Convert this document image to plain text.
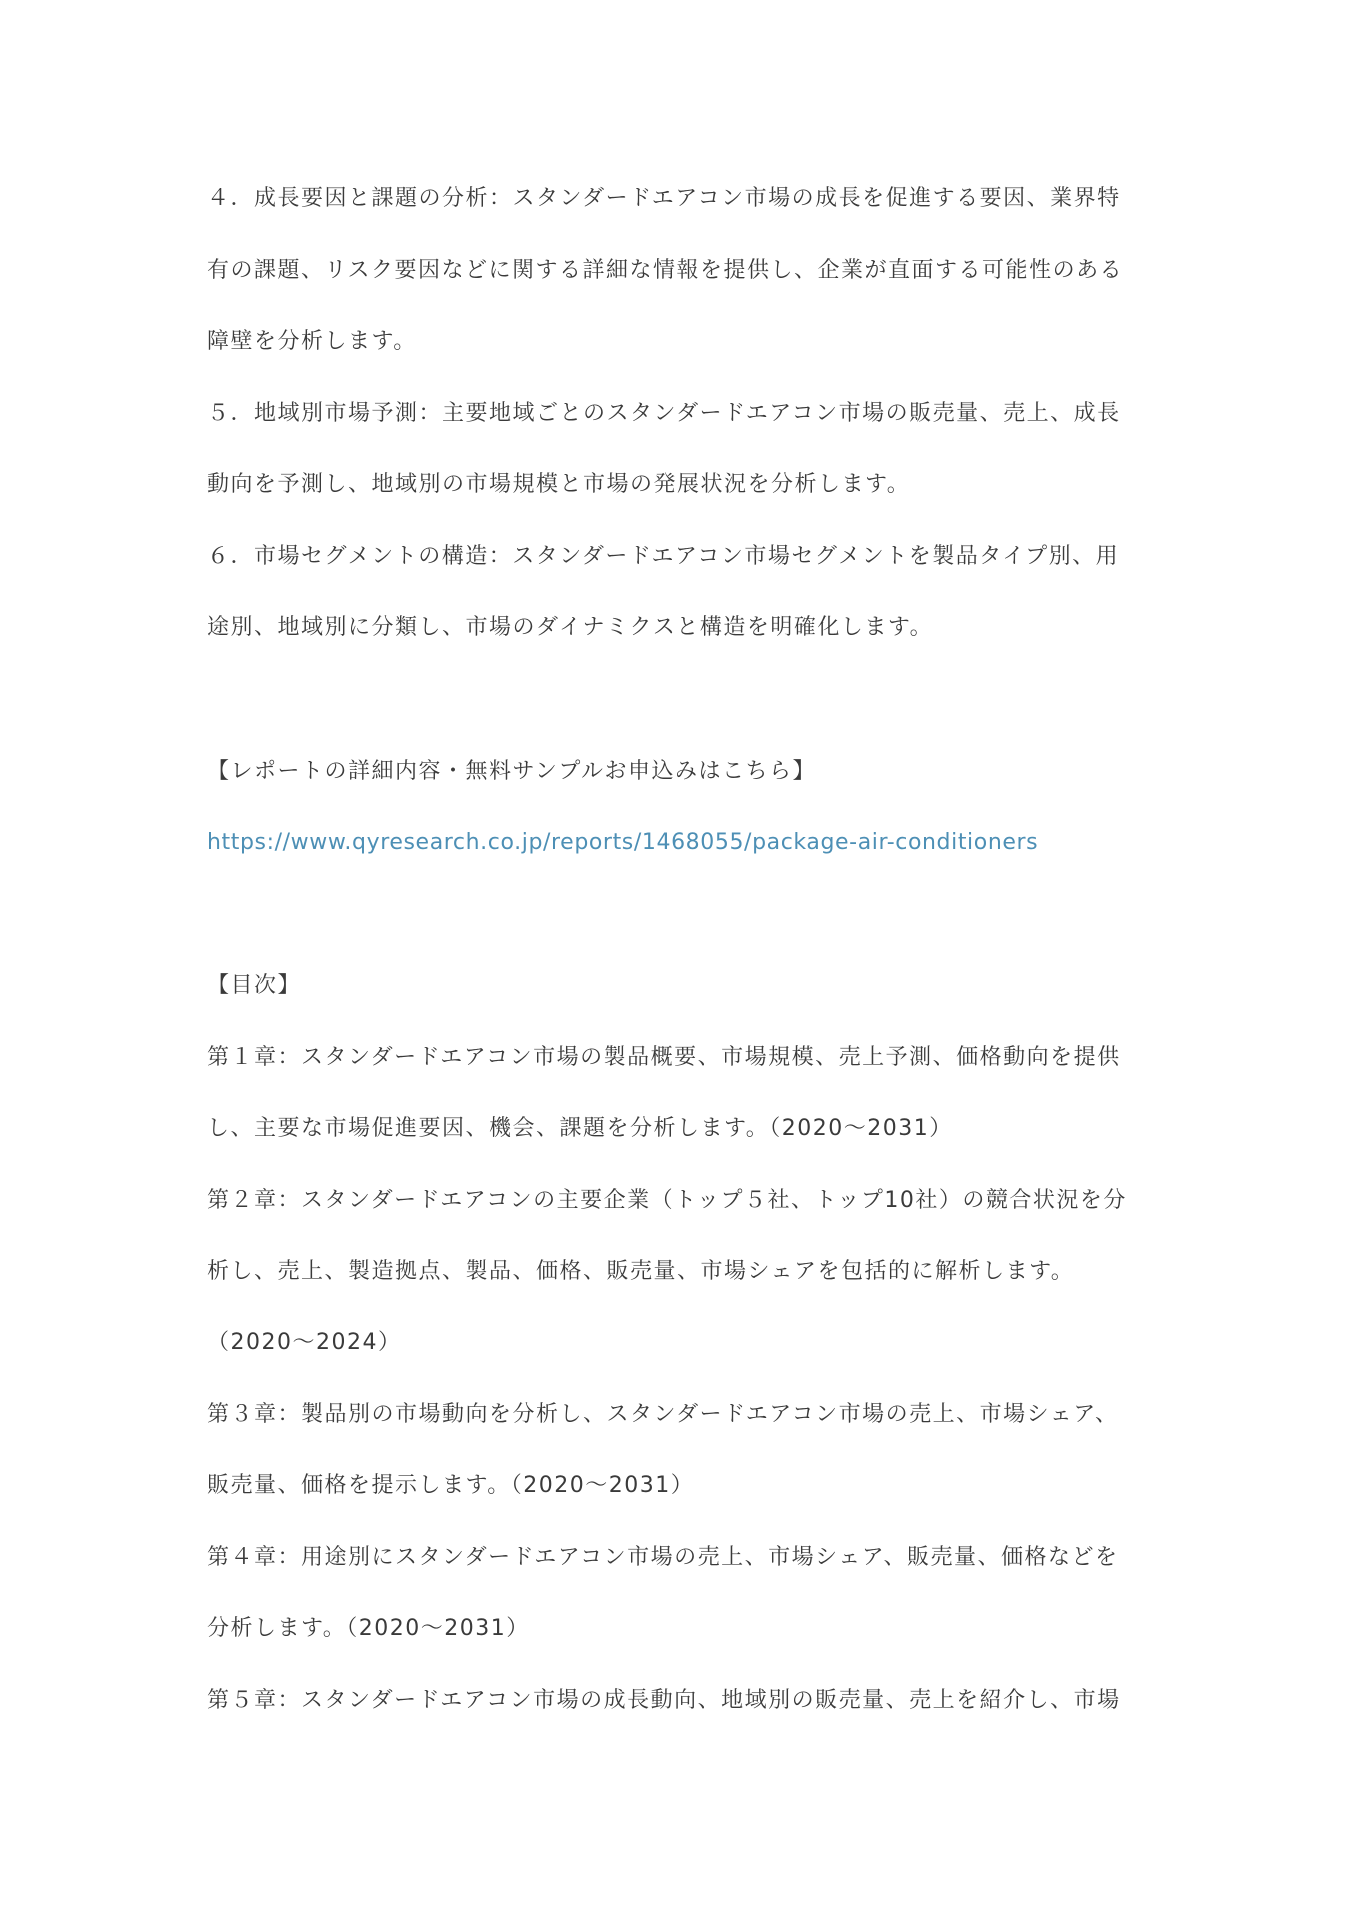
４．成長要因と課題の分析：スタンダードエアコン市場の成長を促進する要因、業界特
有の課題、リスク要因などに関する詳細な情報を提供し、企業が直面する可能性のある
障壁を分析します。
５．地域別市場予測：主要地域ごとのスタンダードエアコン市場の販売量、売上、成長
動向を予測し、地域別の市場規模と市場の発展状況を分析します。
６．市場セグメントの構造：スタンダードエアコン市場セグメントを製品タイプ別、用
途別、地域別に分類し、市場のダイナミクスと構造を明確化します。
【レポートの詳細内容・無料サンプルお申込みはこちら】
https://www.qyresearch.co.jp/reports/1468055/package-air-conditioners
【目次】
第１章：スタンダードエアコン市場の製品概要、市場規模、売上予測、価格動向を提供
し、主要な市場促進要因、機会、課題を分析します。（2020～2031）
第２章：スタンダードエアコンの主要企業（トップ５社、トップ10社）の競合状況を分
析し、売上、製造拠点、製品、価格、販売量、市場シェアを包括的に解析します。
（2020～2024）
第３章：製品別の市場動向を分析し、スタンダードエアコン市場の売上、市場シェア、
販売量、価格を提示します。（2020～2031）
第４章：用途別にスタンダードエアコン市場の売上、市場シェア、販売量、価格などを
分析します。（2020～2031）
第５章：スタンダードエアコン市場の成長動向、地域別の販売量、売上を紹介し、市場
